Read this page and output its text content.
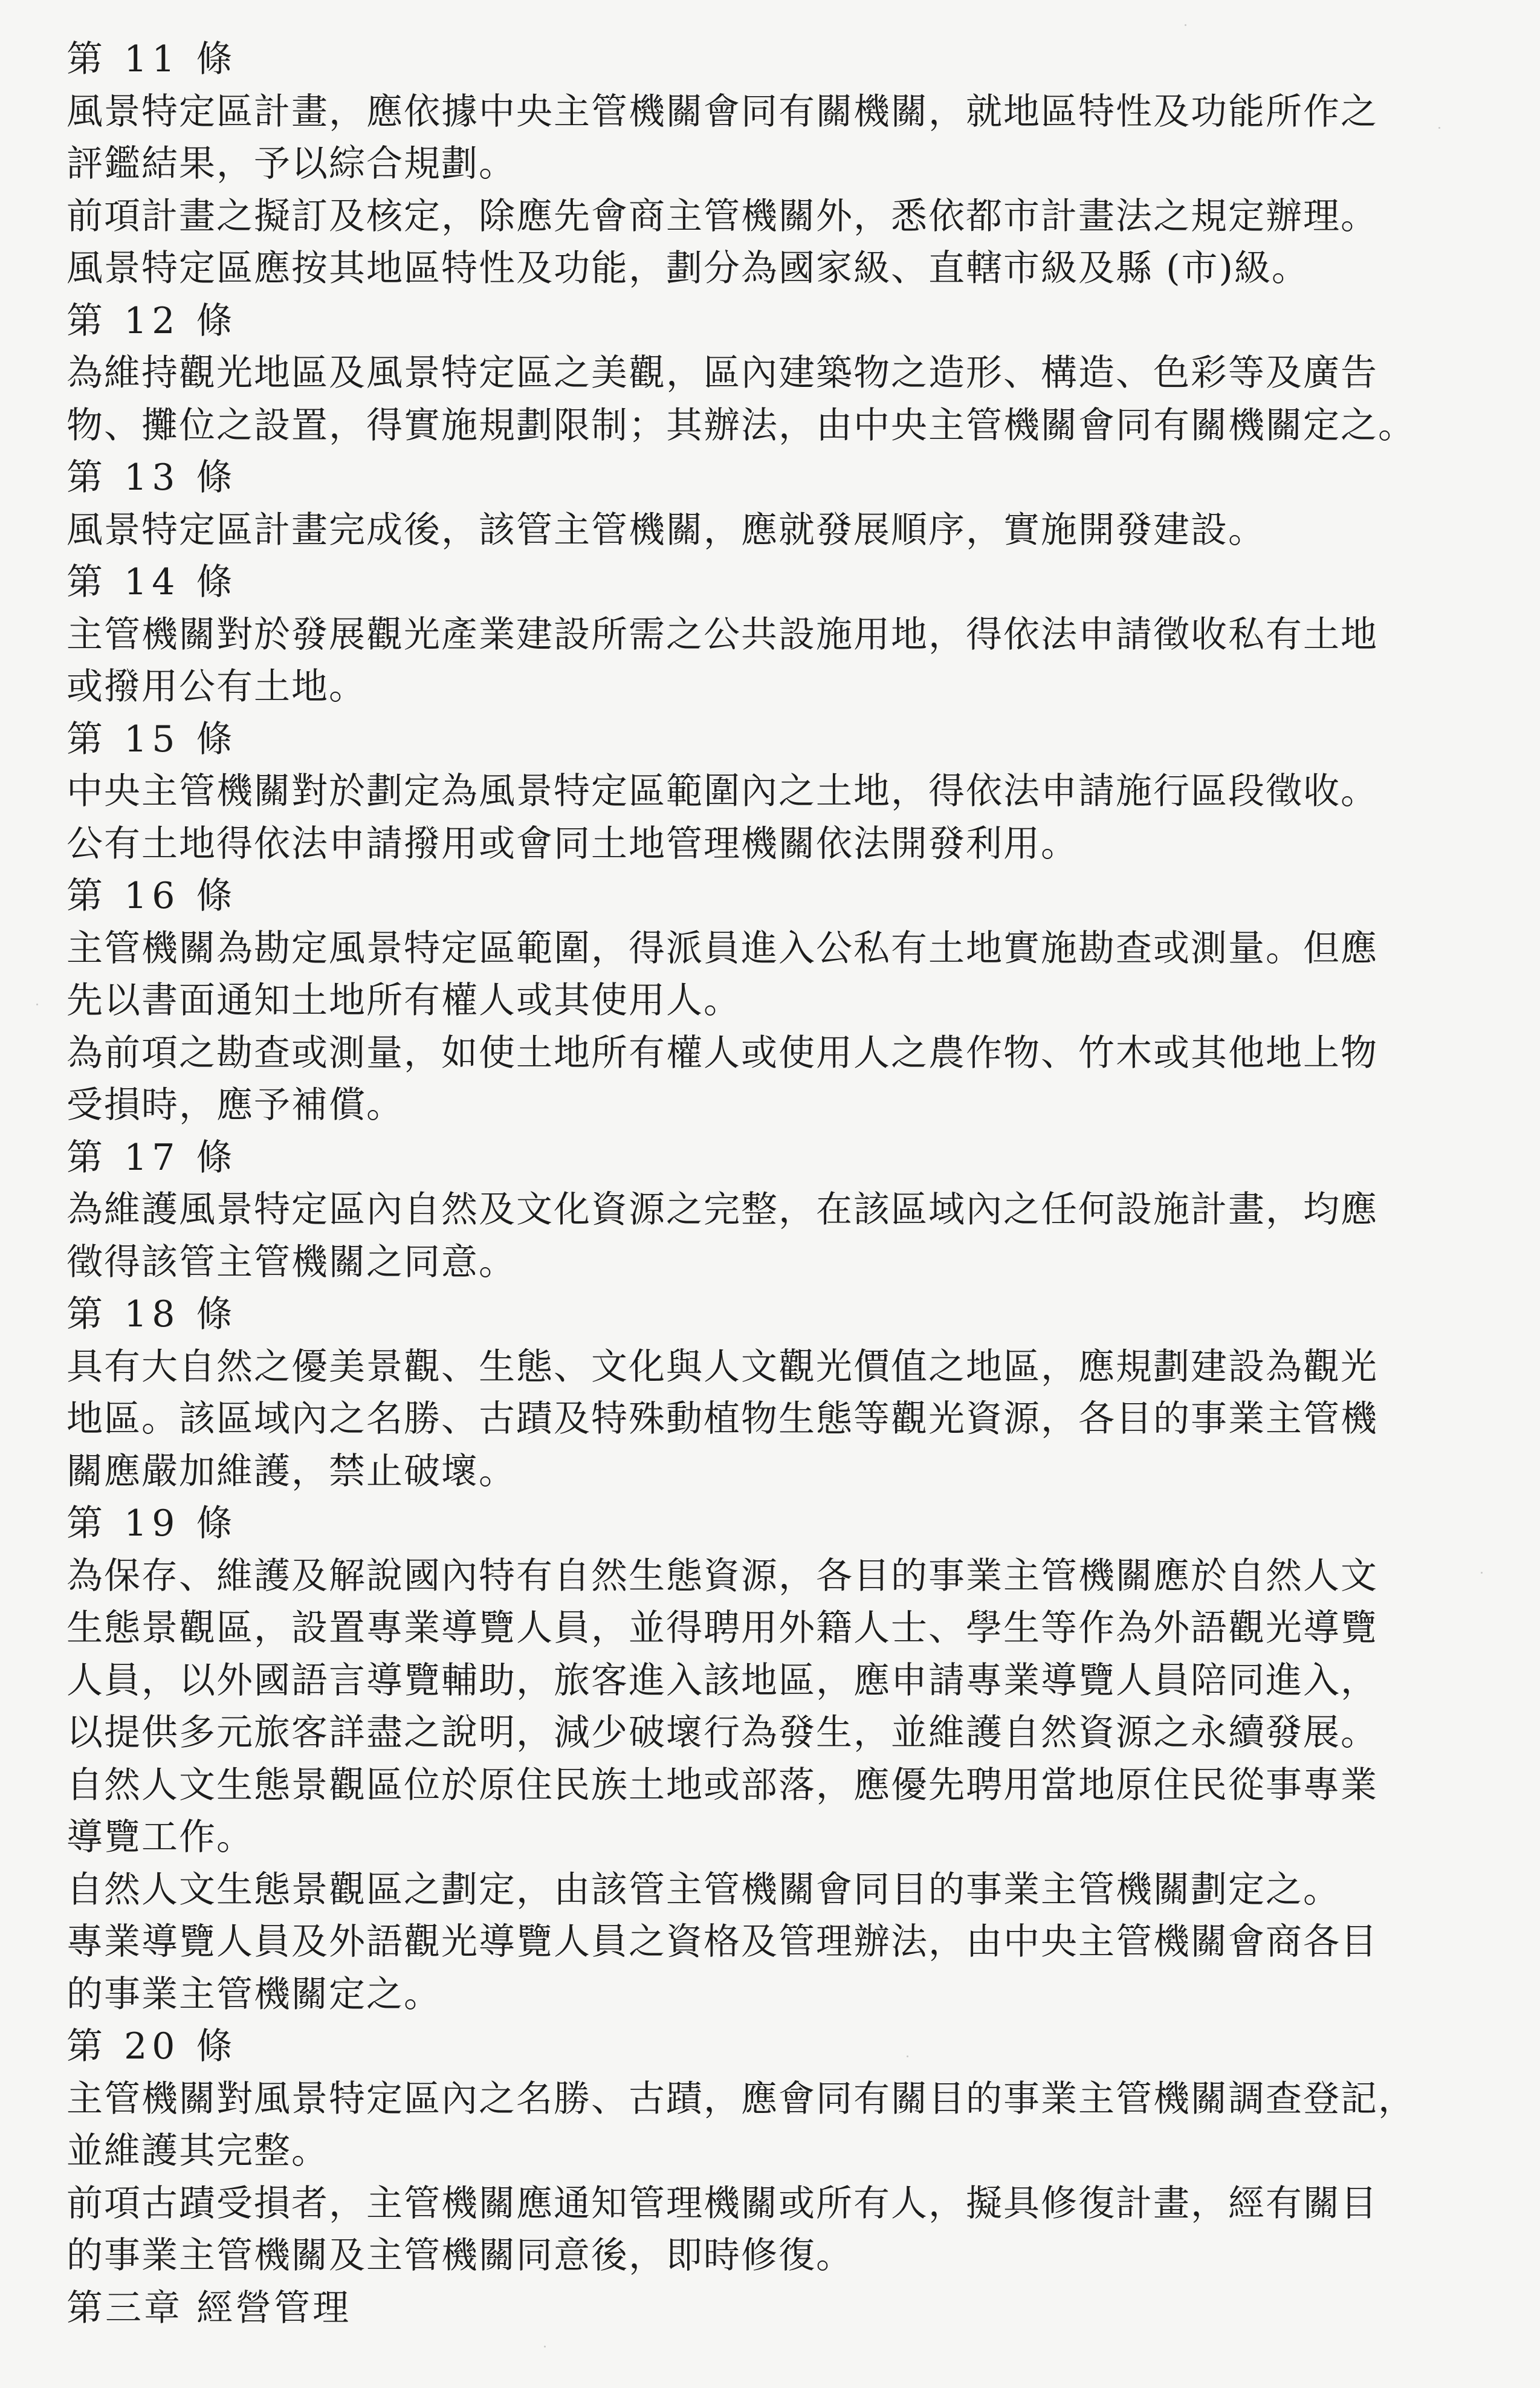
第 11 條
風景特定區計畫，應依據中央主管機關會同有關機關，就地區特性及功能所作之
評鑑結果，予以綜合規劃。
前項計畫之擬訂及核定，除應先會商主管機關外，悉依都市計畫法之規定辦理。
風景特定區應按其地區特性及功能，劃分為國家級、直轄市級及縣 (市)級。
第 12 條
為維持觀光地區及風景特定區之美觀，區內建築物之造形、構造、色彩等及廣告
物、攤位之設置，得實施規劃限制；其辦法，由中央主管機關會同有關機關定之。
第 13 條
風景特定區計畫完成後，該管主管機關，應就發展順序，實施開發建設。
第 14 條
主管機關對於發展觀光產業建設所需之公共設施用地，得依法申請徵收私有土地
或撥用公有土地。
第 15 條
中央主管機關對於劃定為風景特定區範圍內之土地，得依法申請施行區段徵收。
公有土地得依法申請撥用或會同土地管理機關依法開發利用。
第 16 條
主管機關為勘定風景特定區範圍，得派員進入公私有土地實施勘查或測量。但應
先以書面通知土地所有權人或其使用人。
為前項之勘查或測量，如使土地所有權人或使用人之農作物、竹木或其他地上物
受損時，應予補償。
第 17 條
為維護風景特定區內自然及文化資源之完整，在該區域內之任何設施計畫，均應
徵得該管主管機關之同意。
第 18 條
具有大自然之優美景觀、生態、文化與人文觀光價值之地區，應規劃建設為觀光
地區。該區域內之名勝、古蹟及特殊動植物生態等觀光資源，各目的事業主管機
關應嚴加維護，禁止破壞。
第 19 條
為保存、維護及解說國內特有自然生態資源，各目的事業主管機關應於自然人文
生態景觀區，設置專業導覽人員，並得聘用外籍人士、學生等作為外語觀光導覽
人員，以外國語言導覽輔助，旅客進入該地區，應申請專業導覽人員陪同進入，
以提供多元旅客詳盡之說明，減少破壞行為發生，並維護自然資源之永續發展。
自然人文生態景觀區位於原住民族土地或部落，應優先聘用當地原住民從事專業
導覽工作。
自然人文生態景觀區之劃定，由該管主管機關會同目的事業主管機關劃定之。
專業導覽人員及外語觀光導覽人員之資格及管理辦法，由中央主管機關會商各目
的事業主管機關定之。
第 20 條
主管機關對風景特定區內之名勝、古蹟，應會同有關目的事業主管機關調查登記，
並維護其完整。
前項古蹟受損者，主管機關應通知管理機關或所有人，擬具修復計畫，經有關目
的事業主管機關及主管機關同意後，即時修復。
第三章 經營管理
